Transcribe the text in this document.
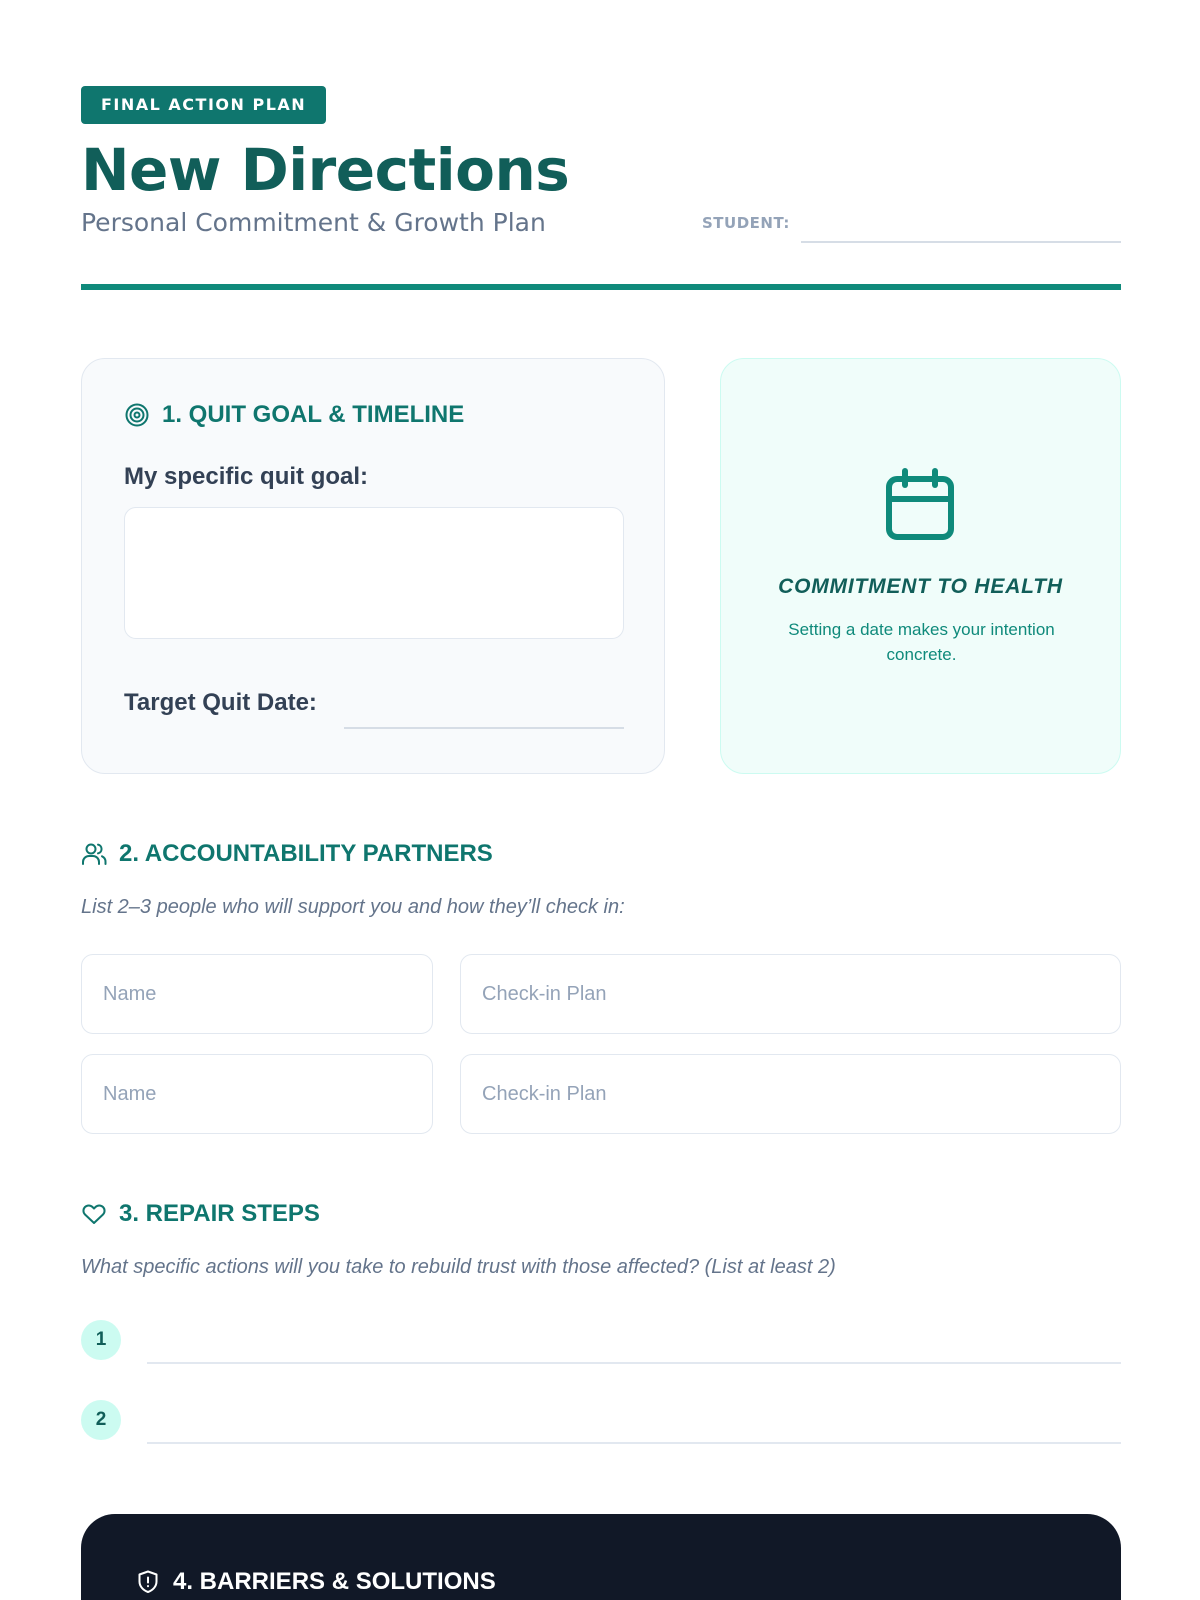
FINAL ACTION PLAN
New Directions
Personal Commitment & Growth Plan	STUDENT:
1. QUIT GOAL & TIMELINE
My specific quit goal:
Target Quit Date:
COMMITMENT TO HEALTH
Setting a date makes your intention concrete.
2. ACCOUNTABILITY PARTNERS
List 2–3 people who will support you and how they’ll check in:
Name	Check-in Plan
Name	Check-in Plan
3. REPAIR STEPS
What specific actions will you take to rebuild trust with those affected? (List at least 2)
1
2
4. BARRIERS & SOLUTIONS
